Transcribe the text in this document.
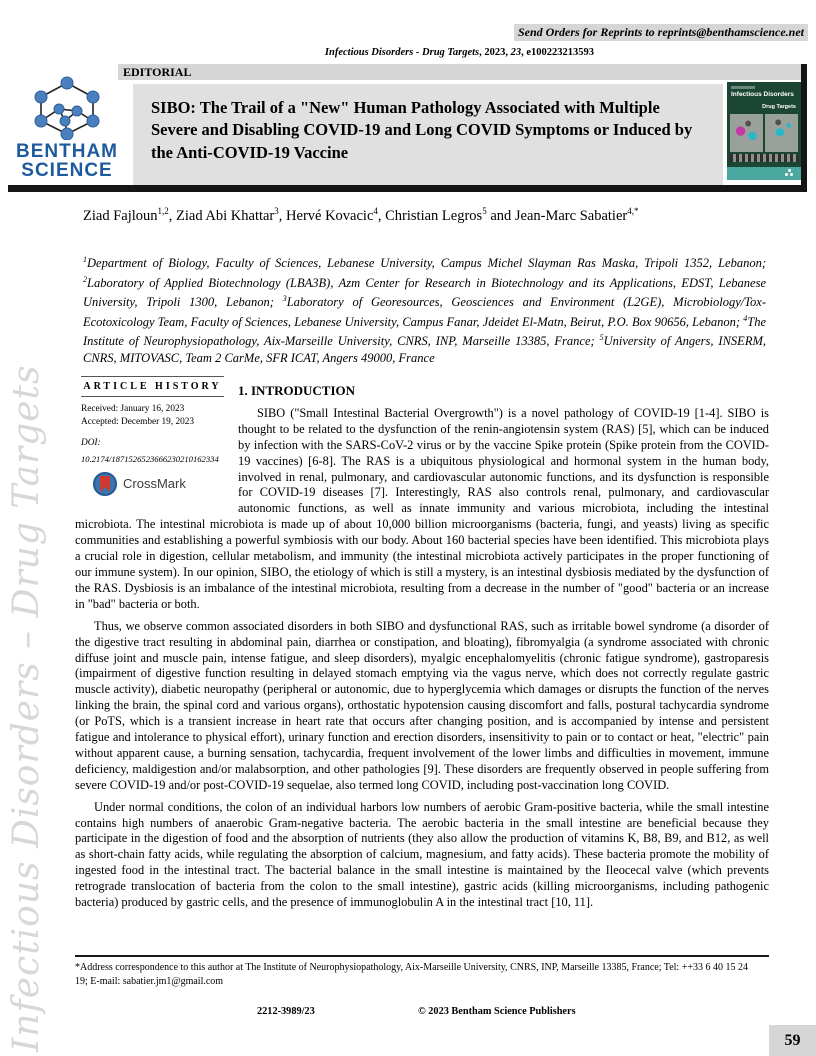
Infectious Disorders – Drug Targets
Send Orders for Reprints to reprints@benthamscience.net
Infectious Disorders - Drug Targets, 2023, 23, e100223213593
EDITORIAL
BENTHAM
SCIENCE
SIBO: The Trail of a "New" Human Pathology Associated with Multiple Severe and Disabling COVID-19 and Long COVID Symptoms or Induced by the Anti-COVID-19 Vaccine
Infectious Disorders
Drug Targets
Ziad Fajloun$^{1,2}$, Ziad Abi Khattar$^3$, Hervé Kovacic$^4$, Christian Legros$^5$ and Jean-Marc Sabatier$^{4,*}$
$^1$Department of Biology, Faculty of Sciences, Lebanese University, Campus Michel Slayman Ras Maska, Tripoli 1352, Lebanon; $^2$Laboratory of Applied Biotechnology (LBA3B), Azm Center for Research in Biotechnology and its Applications, EDST, Lebanese University, Tripoli 1300, Lebanon; $^3$Laboratory of Georesources, Geosciences and Environment (L2GE), Microbiology/Tox-Ecotoxicology Team, Faculty of Sciences, Lebanese University, Campus Fanar, Jdeidet El-Matn, Beirut, P.O. Box 90656, Lebanon; $^4$The Institute of Neurophysiopathology, Aix-Marseille University, CNRS, INP, Marseille 13385, France; $^5$University of Angers, INSERM, CNRS, MITOVASC, Team 2 CarMe, SFR ICAT, Angers 49000, France
ARTICLE HISTORY
Received: January 16, 2023
Accepted: December 19, 2023
DOI:
10.2174/1871526523666230210162334
CrossMark
1. INTRODUCTION

SIBO ("Small Intestinal Bacterial Overgrowth") is a novel pathology of COVID-19 [1-4]. SIBO is thought to be related to the dysfunction of the renin-angiotensin system (RAS) [5], which can be induced by infection with the SARS-CoV-2 virus or by the vaccine Spike protein (Spike protein from the COVID-19 vaccines) [6-8]. The RAS is a ubiquitous physiological and hormonal system in the human body, involved in renal, pulmonary, and cardiovascular autonomic functions, and its dysfunction is responsible for COVID-19 diseases [7]. Interestingly, RAS also controls renal, pulmonary, and cardiovascular autonomic functions, as well as innate immunity and various microbiota, including the intestinal microbiota. The intestinal microbiota is made up of about 10,000 billion microorganisms (bacteria, fungi, and yeasts) living as specific communities and establishing a powerful symbiosis with our body. About 160 bacterial species have been identified. This microbiota plays a crucial role in digestion, cellular metabolism, and immunity (the intestinal microbiota actively participates in the proper functioning of our immune system). In our opinion, SIBO, the etiology of which is still a mystery, is an intestinal dysbiosis mediated by the dysfunction of the RAS. Dysbiosis is an imbalance of the intestinal microbiota, resulting from a decrease in the number of "good" bacteria or an increase in "bad" bacteria or both.

Thus, we observe common associated disorders in both SIBO and dysfunctional RAS, such as irritable bowel syndrome (a disorder of the digestive tract resulting in abdominal pain, diarrhea or constipation, and bloating), fibromyalgia (a syndrome associated with chronic diffuse joint and muscle pain, intense fatigue, and sleep disorders), myalgic encephalomyelitis (chronic fatigue syndrome), gastroparesis (impairment of digestive function resulting in delayed stomach emptying via the vagus nerve, which does not correctly regulate gastric muscle activity), diabetic neuropathy (peripheral or autonomic, due to hyperglycemia which damages or disrupts the function of the nerves linking the brain, the spinal cord and various organs), orthostatic hypotension causing discomfort and falls, postural tachycardia syndrome (or PoTS, which is a transient increase in heart rate that occurs after changing position, and is accompanied by intense and persistent fatigue and intolerance to physical effort), urinary function and erection disorders, insensitivity to pain or to contact or heat, "electric" pain without apparent cause, a burning sensation, tachycardia, frequent involvement of the lower limbs and difficulties in movement, immune deficiency, maldigestion and/or malabsorption, and other pathologies [9]. These disorders are frequently observed in people suffering from severe COVID-19 and/or post-COVID-19 sequelae, also termed long COVID, including post-vaccination long COVID.

Under normal conditions, the colon of an individual harbors low numbers of aerobic Gram-positive bacteria, while the small intestine contains high numbers of anaerobic Gram-negative bacteria. The aerobic bacteria in the small intestine are beneficial because they participate in the digestion of food and the absorption of nutrients (they also allow the production of vitamins K, B8, B9, and B12, as well as short-chain fatty acids, while regulating the absorption of calcium, magnesium, and fatty acids). These bacteria promote the mobility of ingested food in the intestinal tract. The bacterial balance in the small intestine is maintained by the Ileocecal valve (which prevents retrograde translocation of bacteria from the colon to the small intestine), gastric acids (killing microorganisms, including pathogenic bacteria) produced by gastric cells, and the presence of immunoglobulin A in the intestinal tract [10, 11].

*Address correspondence to this author at The Institute of Neurophysiopathology, Aix-Marseille University, CNRS, INP, Marseille 13385, France; Tel: ++33 6 40 15 24 19; E-mail: sabatier.jm1@gmail.com
2212-3989/23	© 2023 Bentham Science Publishers
59
